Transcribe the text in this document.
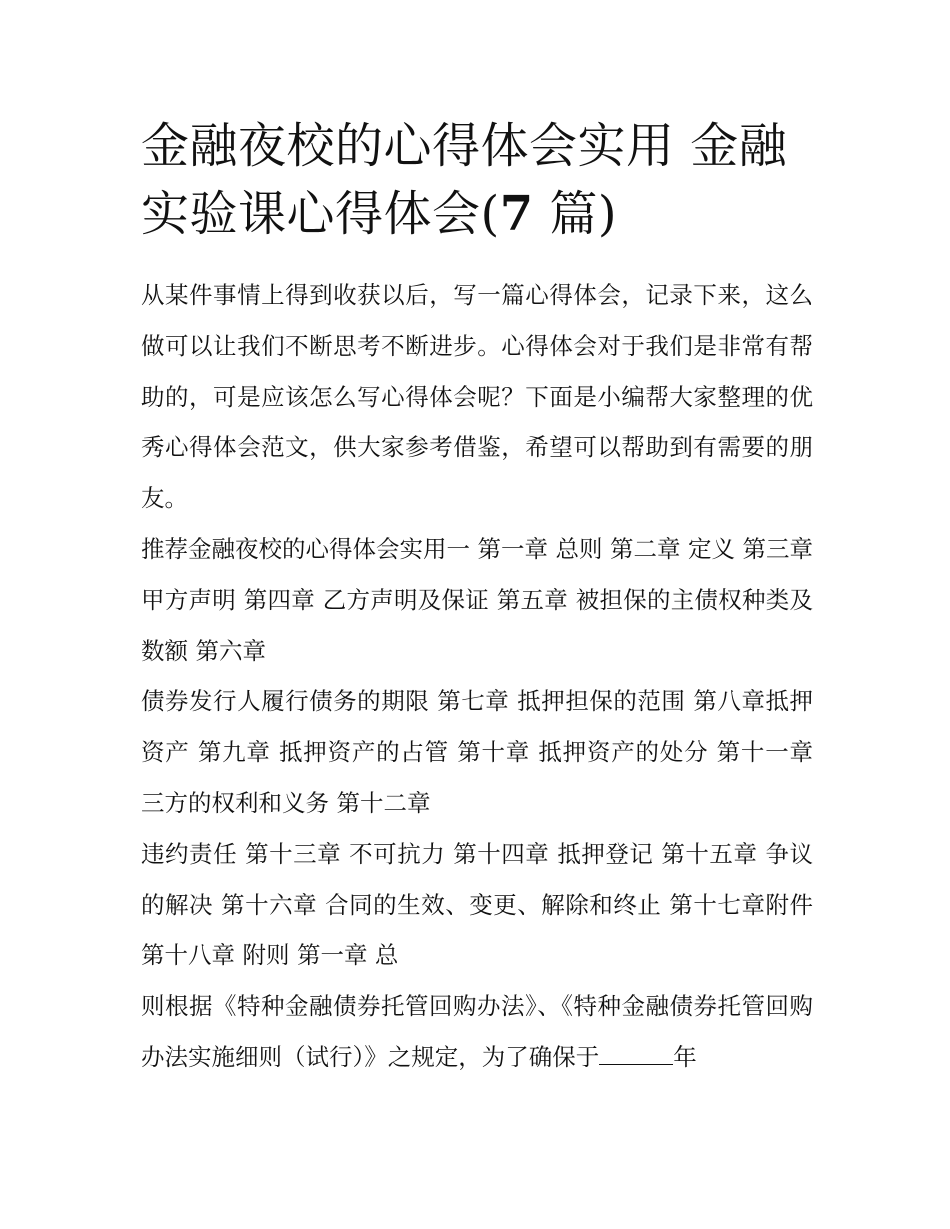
金融夜校的心得体会实用 金融实验课心得体会(7 篇)

从某件事情上得到收获以后，写一篇心得体会，记录下来，这么做可以让我们不断思考不断进步。心得体会对于我们是非常有帮助的，可是应该怎么写心得体会呢？下面是小编帮大家整理的优秀心得体会范文，供大家参考借鉴，希望可以帮助到有需要的朋友。

推荐金融夜校的心得体会实用一 第一章 总则 第二章 定义 第三章 甲方声明 第四章 乙方声明及保证 第五章 被担保的主债权种类及数额 第六章

债券发行人履行债务的期限 第七章 抵押担保的范围 第八章抵押资产 第九章 抵押资产的占管 第十章 抵押资产的处分 第十一章 三方的权利和义务 第十二章

违约责任 第十三章 不可抗力 第十四章 抵押登记 第十五章 争议的解决 第十六章 合同的生效、变更、解除和终止 第十七章附件 第十八章 附则 第一章 总

则根据《特种金融债券托管回购办法》、《特种金融债券托管回购办法实施细则（试行）》之规定，为了确保于	年
